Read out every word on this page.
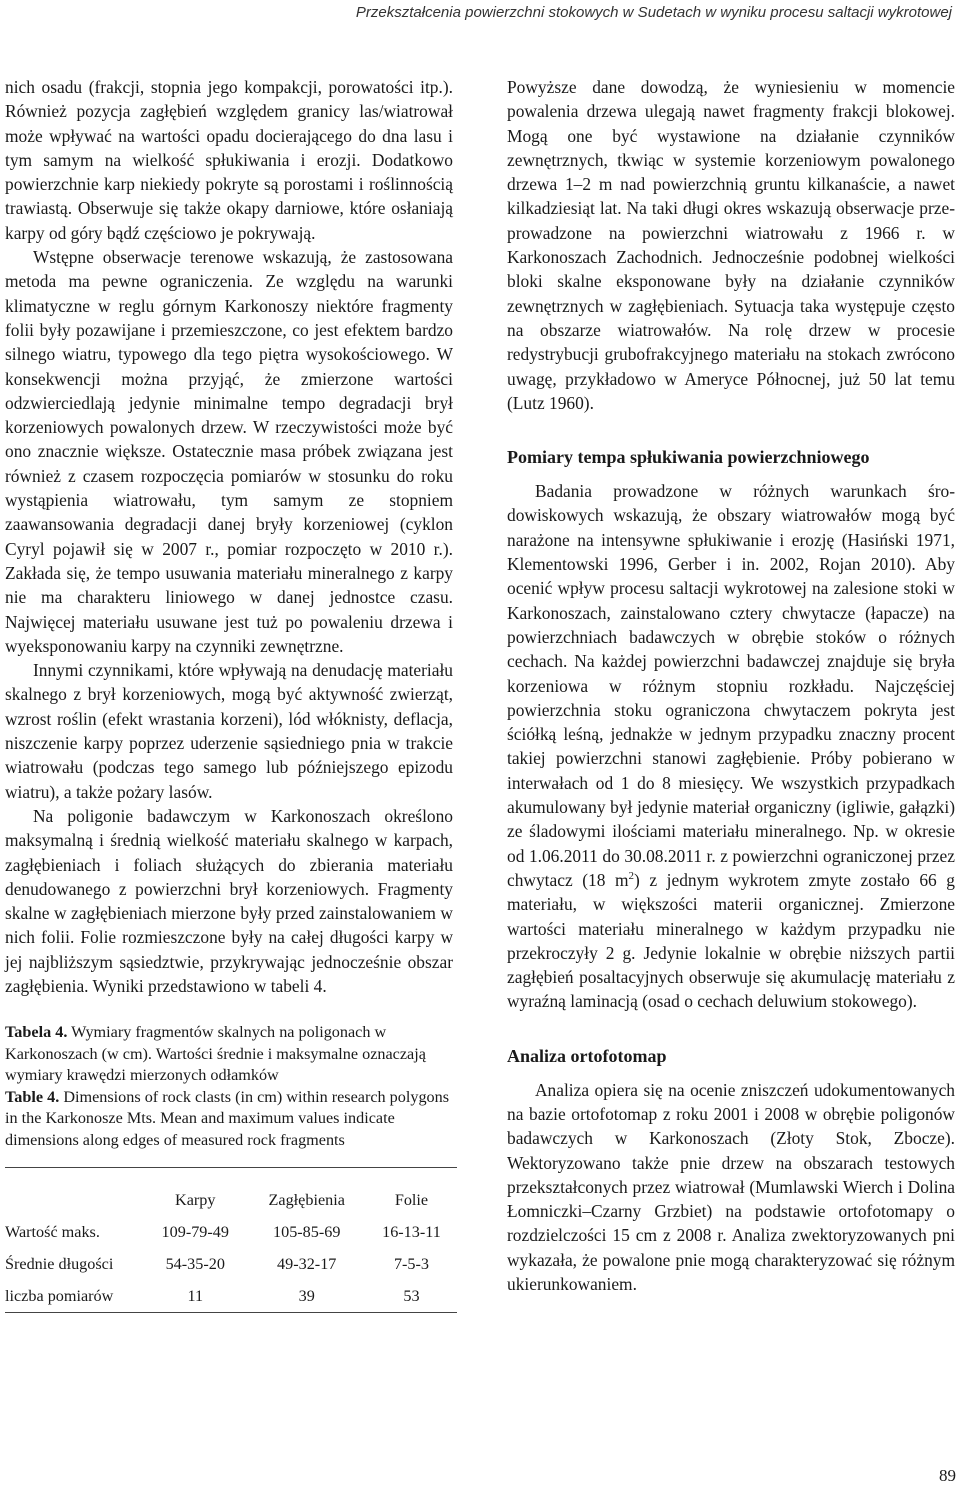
Przekształcenia powierzchni stokowych w Sudetach w wyniku procesu saltacji wykrotowej

nich osadu (frakcji, stopnia jego kompakcji, porowatości itp.). Również pozycja zagłębień względem granicy las/wiatrował może wpływać na wartości opadu docierającego do dna lasu i tym samym na wielkość spłukiwania i erozji. Dodatkowo powierzchnie karp niekiedy pokryte są porostami i roślinnością trawiastą. Obserwuje się także okapy darniowe, które osłaniają karpy od góry bądź częściowo je pokrywają.

Wstępne obserwacje terenowe wskazują, że zastosowana metoda ma pewne ograniczenia. Ze względu na warunki klimatyczne w reglu górnym Karkonoszy niektóre fragmenty folii były pozawijane i przemieszczone, co jest efektem bardzo silnego wiatru, typowego dla tego piętra wysokościowego. W konsekwencji można przyjąć, że zmierzone wartości odzwierciedlają jedynie minimalne tempo degradacji brył korzeniowych powalonych drzew. W rzeczywistości może być ono znacznie większe. Ostatecznie masa próbek związana jest również z czasem rozpoczęcia pomiarów w stosunku do roku wystąpienia wiatrowału, tym samym ze stopniem zaawansowania degradacji danej bryły korzeniowej (cyklon Cyryl pojawił się w 2007 r., pomiar rozpoczęto w 2010 r.). Zakłada się, że tempo usuwania materiału mineralnego z karpy nie ma charakteru liniowego w danej jednostce czasu. Najwięcej materiału usuwane jest tuż po powaleniu drzewa i wyeksponowaniu karpy na czynniki zewnętrzne.

Innymi czynnikami, które wpływają na denudację materiału skalnego z brył korzeniowych, mogą być aktywność zwierząt, wzrost roślin (efekt wrastania korzeni), lód włóknisty, deflacja, niszczenie karpy poprzez uderzenie sąsiedniego pnia w trakcie wiatrowału (podczas tego samego lub późniejszego epizodu wiatru), a także pożary lasów.

Na poligonie badawczym w Karkonoszach określono maksymalną i średnią wielkość materiału skalnego w karpach, zagłębieniach i foliach służących do zbierania materiału denudowanego z powierzchni brył korzeniowych. Fragmenty skalne w zagłębieniach mierzone były przed zainstalowaniem w nich folii. Folie rozmieszczone były na całej długości karpy w jej najbliższym sąsiedztwie, przykrywając jednocześnie obszar zagłębienia. Wyniki przedstawiono w tabeli 4.

Tabela 4. Wymiary fragmentów skalnych na poligonach w Karkonoszach (w cm). Wartości średnie i maksymalne oznaczają wymiary krawędzi mierzonych odłamków
Table 4. Dimensions of rock clasts (in cm) within research polygons in the Karkonosze Mts. Mean and maximum values indicate dimensions along edges of measured rock fragments
	Karpy	Zagłębienia	Folie
Wartość maks.	109-79-49	105-85-69	16-13-11
Średnie długości	54-35-20	49-32-17	7-5-3
liczba pomiarów	11	39	53

Powyższe dane dowodzą, że wyniesieniu w momencie powalenia drzewa ulegają nawet fragmenty frakcji blokowej. Mogą one być wystawione na działanie czynników zewnętrznych, tkwiąc w systemie korzeniowym powalonego drzewa 1–2 m nad powierzchnią gruntu kilkanaście, a nawet kilkadziesiąt lat. Na taki długi okres wskazują obserwacje przeprowadzone na powierzchni wiatrowału z 1966 r. w Karkonoszach Zachodnich. Jednocześnie podobnej wielkości bloki skalne eksponowane były na działanie czynników zewnętrznych w zagłębieniach. Sytuacja taka występuje często na obszarze wiatrowałów. Na rolę drzew w procesie redystrybucji grubofrakcyjnego materiału na stokach zwrócono uwagę, przykładowo w Ameryce Północnej, już 50 lat temu (Lutz 1960).

Pomiary tempa spłukiwania powierzchniowego

Badania prowadzone w różnych warunkach środowiskowych wskazują, że obszary wiatrowałów mogą być narażone na intensywne spłukiwanie i erozję (Hasiński 1971, Klementowski 1996, Gerber i in. 2002, Rojan 2010). Aby ocenić wpływ procesu saltacji wykrotowej na zalesione stoki w Karkonoszach, zainstalowano cztery chwytacze (łapacze) na powierzchniach badawczych w obrębie stoków o różnych cechach. Na każdej powierzchni badawczej znajduje się bryła korzeniowa w różnym stopniu rozkładu. Najczęściej powierzchnia stoku ograniczona chwytaczem pokryta jest ściółką leśną, jednakże w jednym przypadku znaczny procent takiej powierzchni stanowi zagłębienie. Próby pobierano w interwałach od 1 do 8 miesięcy. We wszystkich przypadkach akumulowany był jedynie materiał organiczny (igliwie, gałązki) ze śladowymi ilościami materiału mineralnego. Np. w okresie od 1.06.2011 do 30.08.2011 r. z powierzchni ograniczonej przez chwytacz (18 $m^2$) z jednym wykrotem zmyte zostało 66 g materiału, w większości materii organicznej. Zmierzone wartości materiału mineralnego w każdym przypadku nie przekroczyły 2 g. Jedynie lokalnie w obrębie niższych partii zagłębień posaltacyjnych obserwuje się akumulację materiału z wyraźną laminacją (osad o cechach deluwium stokowego).

Analiza ortofotomap

Analiza opiera się na ocenie zniszczeń udokumentowanych na bazie ortofotomap z roku 2001 i 2008 w obrębie poligonów badawczych w Karkonoszach (Złoty Stok, Zbocze). Wektoryzowano także pnie drzew na obszarach testowych przekształconych przez wiatrował (Mumlawski Wierch i Dolina Łomniczki–Czarny Grzbiet) na podstawie ortofotomapy o rozdzielczości 15 cm z 2008 r. Analiza zwektoryzowanych pni wykazała, że powalone pnie mogą charakteryzować się różnym ukierunkowaniem.

89
